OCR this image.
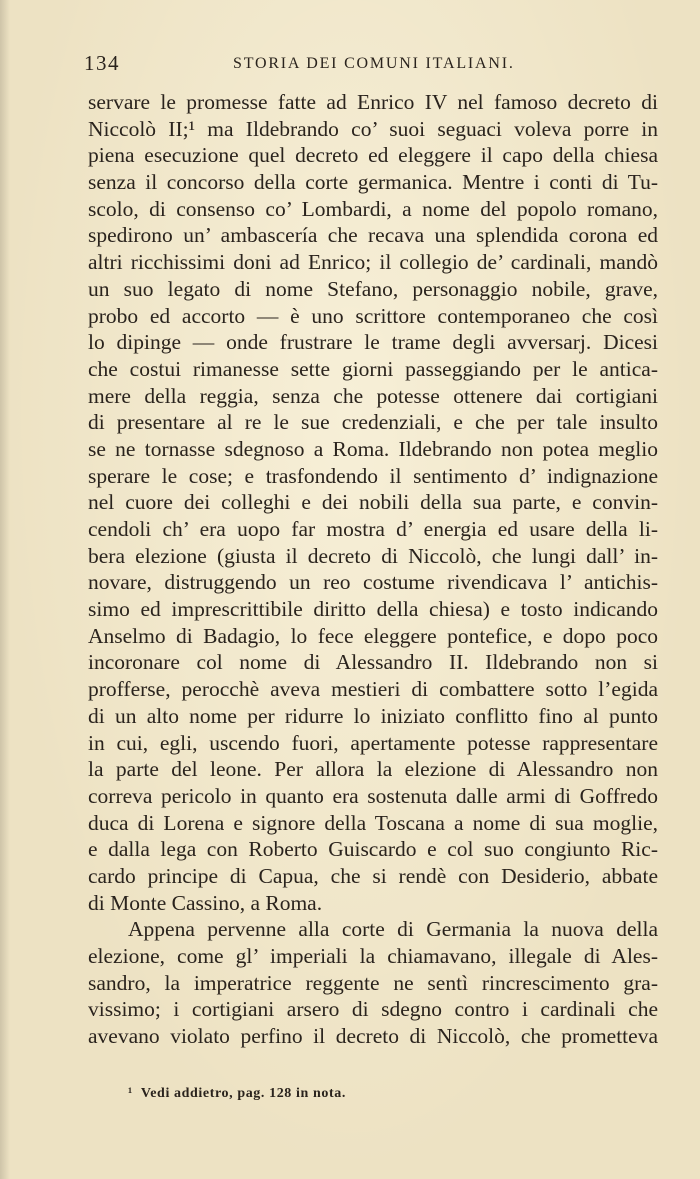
134	STORIA DEI COMUNI ITALIANI.
servare le promesse fatte ad Enrico IV nel famoso decreto di
Niccolò II;¹ ma Ildebrando co’ suoi seguaci voleva porre in
piena esecuzione quel decreto ed eleggere il capo della chiesa
senza il concorso della corte germanica. Mentre i conti di Tu-
scolo, di consenso co’ Lombardi, a nome del popolo romano,
spedirono un’ ambascería che recava una splendida corona ed
altri ricchissimi doni ad Enrico; il collegio de’ cardinali, mandò
un suo legato di nome Stefano, personaggio nobile, grave,
probo ed accorto — è uno scrittore contemporaneo che così
lo dipinge — onde frustrare le trame degli avversarj. Dicesi
che costui rimanesse sette giorni passeggiando per le antica-
mere della reggia, senza che potesse ottenere dai cortigiani
di presentare al re le sue credenziali, e che per tale insulto
se ne tornasse sdegnoso a Roma. Ildebrando non potea meglio
sperare le cose; e trasfondendo il sentimento d’ indignazione
nel cuore dei colleghi e dei nobili della sua parte, e convin-
cendoli ch’ era uopo far mostra d’ energia ed usare della li-
bera elezione (giusta il decreto di Niccolò, che lungi dall’ in-
novare, distruggendo un reo costume rivendicava l’ antichis-
simo ed imprescrittibile diritto della chiesa) e tosto indicando
Anselmo di Badagio, lo fece eleggere pontefice, e dopo poco
incoronare col nome di Alessandro II. Ildebrando non si
profferse, perocchè aveva mestieri di combattere sotto l’egida
di un alto nome per ridurre lo iniziato conflitto fino al punto
in cui, egli, uscendo fuori, apertamente potesse rappresentare
la parte del leone. Per allora la elezione di Alessandro non
correva pericolo in quanto era sostenuta dalle armi di Goffredo
duca di Lorena e signore della Toscana a nome di sua moglie,
e dalla lega con Roberto Guiscardo e col suo congiunto Ric-
cardo principe di Capua, che si rendè con Desiderio, abbate
di Monte Cassino, a Roma.
Appena pervenne alla corte di Germania la nuova della
elezione, come gl’ imperiali la chiamavano, illegale di Ales-
sandro, la imperatrice reggente ne sentì rincrescimento gra-
vissimo; i cortigiani arsero di sdegno contro i cardinali che
avevano violato perfino il decreto di Niccolò, che prometteva
¹ Vedi addietro, pag. 128 in nota.
